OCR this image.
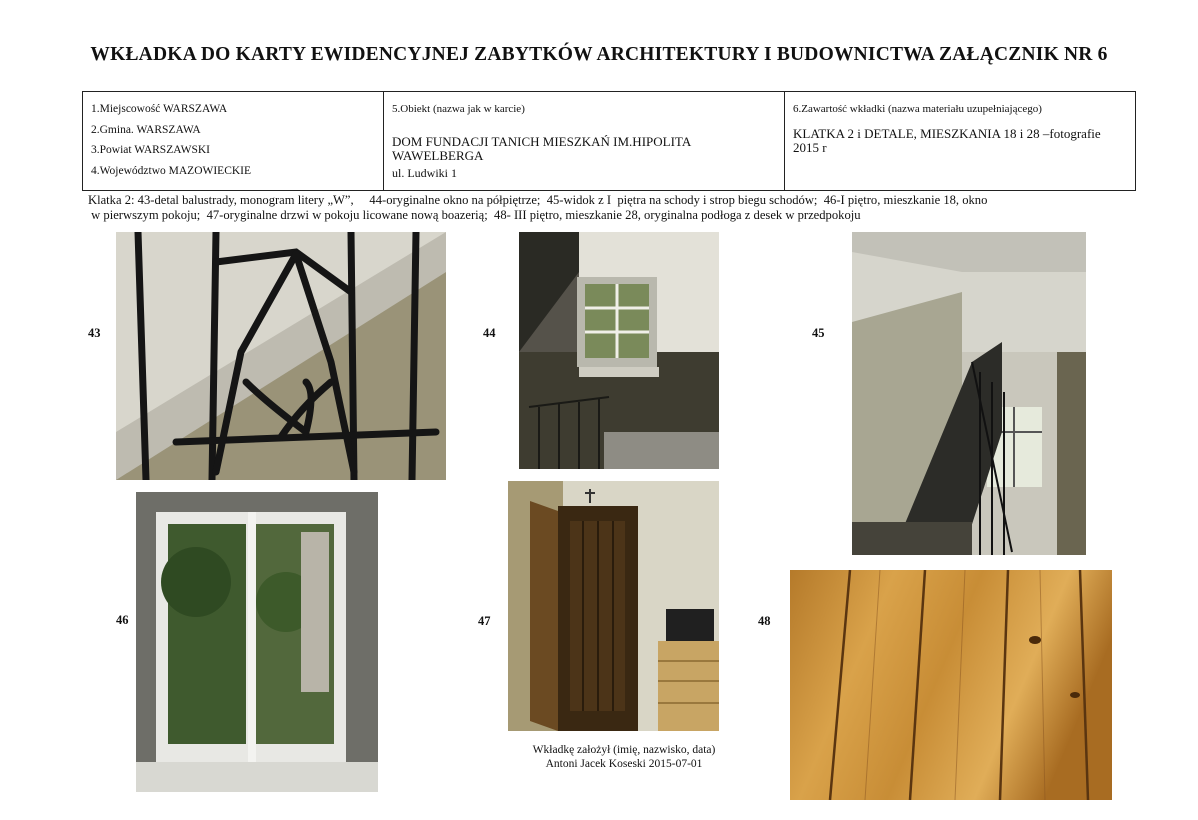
WKŁADKA DO KARTY EWIDENCYJNEJ ZABYTKÓW ARCHITEKTURY I BUDOWNICTWA ZAŁĄCZNIK NR 6
1.Miejscowość WARSZAWA
2.Gmina. WARSZAWA
3.Powiat WARSZAWSKI
4.Województwo MAZOWIECKIE
5.Obiekt (nazwa jak w karcie)
DOM FUNDACJI TANICH MIESZKAŃ IM.HIPOLITA WAWELBERGA
ul. Ludwiki 1
6.Zawartość wkładki (nazwa materiału uzupełniającego)
KLATKA 2 i DETALE, MIESZKANIA 18 i 28 –fotografie 2015 r
Klatka 2: 43-detal balustrady, monogram litery „W”,     44-oryginalne okno na półpiętrze;  45-widok z I  piętra na schody i strop biegu schodów;  46-I piętro, mieszkanie 18, okno
w pierwszym pokoju;  47-oryginalne drzwi w pokoju licowane nową boazerią;  48- III piętro, mieszkanie 28, oryginalna podłoga z desek w przedpokoju
43	44	45
46	47	48
Wkładkę założył (imię, nazwisko, data)
Antoni Jacek Koseski 2015-07-01
